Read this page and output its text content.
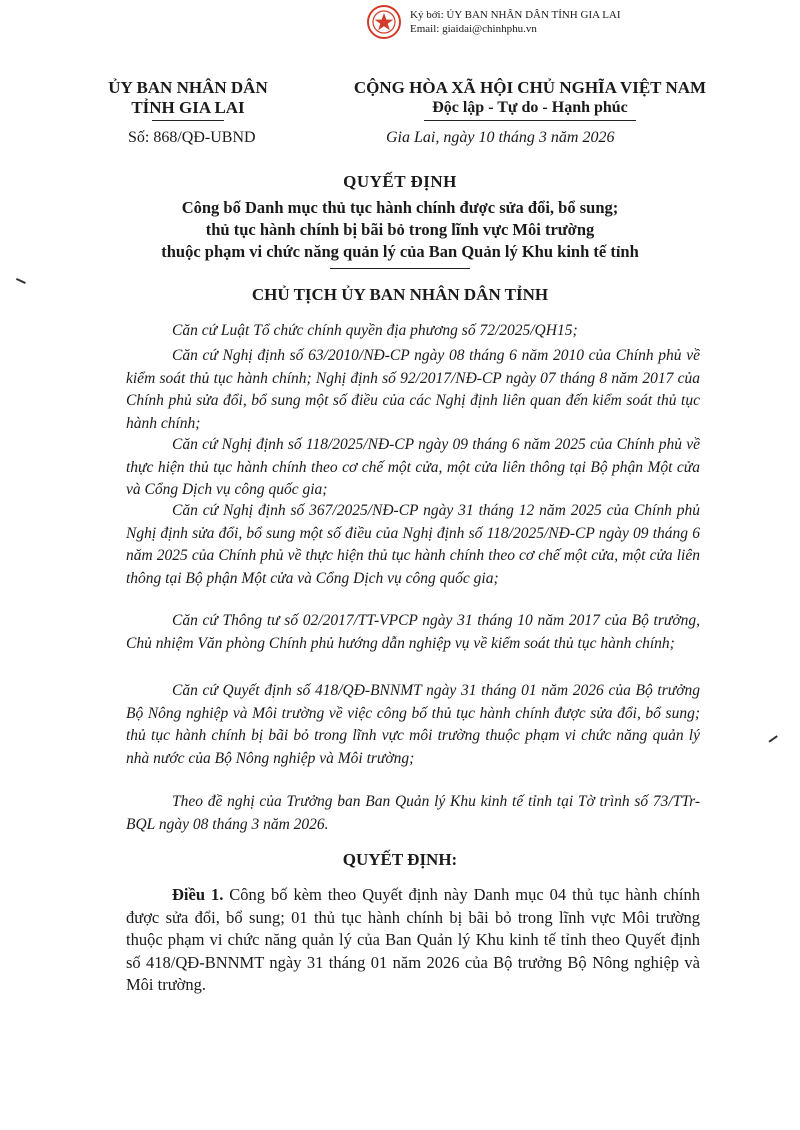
Ký bởi: ỦY BAN NHÂN DÂN TỈNH GIA LAI
Email: giaidai@chinhphu.vn
ỦY BAN NHÂN DÂN
TỈNH GIA LAI
CỘNG HÒA XÃ HỘI CHỦ NGHĨA VIỆT NAM
Độc lập - Tự do - Hạnh phúc
Số: 868/QĐ-UBND	Gia Lai, ngày 10 tháng 3 năm 2026
QUYẾT ĐỊNH
Công bố Danh mục thủ tục hành chính được sửa đổi, bổ sung;
thủ tục hành chính bị bãi bỏ trong lĩnh vực Môi trường
thuộc phạm vi chức năng quản lý của Ban Quản lý Khu kinh tế tỉnh
CHỦ TỊCH ỦY BAN NHÂN DÂN TỈNH

Căn cứ Luật Tổ chức chính quyền địa phương số 72/2025/QH15;

Căn cứ Nghị định số 63/2010/NĐ-CP ngày 08 tháng 6 năm 2010 của Chính phủ về kiểm soát thủ tục hành chính; Nghị định số 92/2017/NĐ-CP ngày 07 tháng 8 năm 2017 của Chính phủ sửa đổi, bổ sung một số điều của các Nghị định liên quan đến kiểm soát thủ tục hành chính;

Căn cứ Nghị định số 118/2025/NĐ-CP ngày 09 tháng 6 năm 2025 của Chính phủ về thực hiện thủ tục hành chính theo cơ chế một cửa, một cửa liên thông tại Bộ phận Một cửa và Cổng Dịch vụ công quốc gia;

Căn cứ Nghị định số 367/2025/NĐ-CP ngày 31 tháng 12 năm 2025 của Chính phủ Nghị định sửa đổi, bổ sung một số điều của Nghị định số 118/2025/NĐ-CP ngày 09 tháng 6 năm 2025 của Chính phủ về thực hiện thủ tục hành chính theo cơ chế một cửa, một cửa liên thông tại Bộ phận Một cửa và Cổng Dịch vụ công quốc gia;

Căn cứ Thông tư số 02/2017/TT-VPCP ngày 31 tháng 10 năm 2017 của Bộ trưởng, Chủ nhiệm Văn phòng Chính phủ hướng dẫn nghiệp vụ về kiểm soát thủ tục hành chính;

Căn cứ Quyết định số 418/QĐ-BNNMT ngày 31 tháng 01 năm 2026 của Bộ trưởng Bộ Nông nghiệp và Môi trường về việc công bố thủ tục hành chính được sửa đổi, bổ sung; thủ tục hành chính bị bãi bỏ trong lĩnh vực môi trường thuộc phạm vi chức năng quản lý nhà nước của Bộ Nông nghiệp và Môi trường;

Theo đề nghị của Trưởng ban Ban Quản lý Khu kinh tế tỉnh tại Tờ trình số 73/TTr-BQL ngày 08 tháng 3 năm 2026.

QUYẾT ĐỊNH:

Điều 1. Công bố kèm theo Quyết định này Danh mục 04 thủ tục hành chính được sửa đổi, bổ sung; 01 thủ tục hành chính bị bãi bỏ trong lĩnh vực Môi trường thuộc phạm vi chức năng quản lý của Ban Quản lý Khu kinh tế tỉnh theo Quyết định số 418/QĐ-BNNMT ngày 31 tháng 01 năm 2026 của Bộ trưởng Bộ Nông nghiệp và Môi trường.
